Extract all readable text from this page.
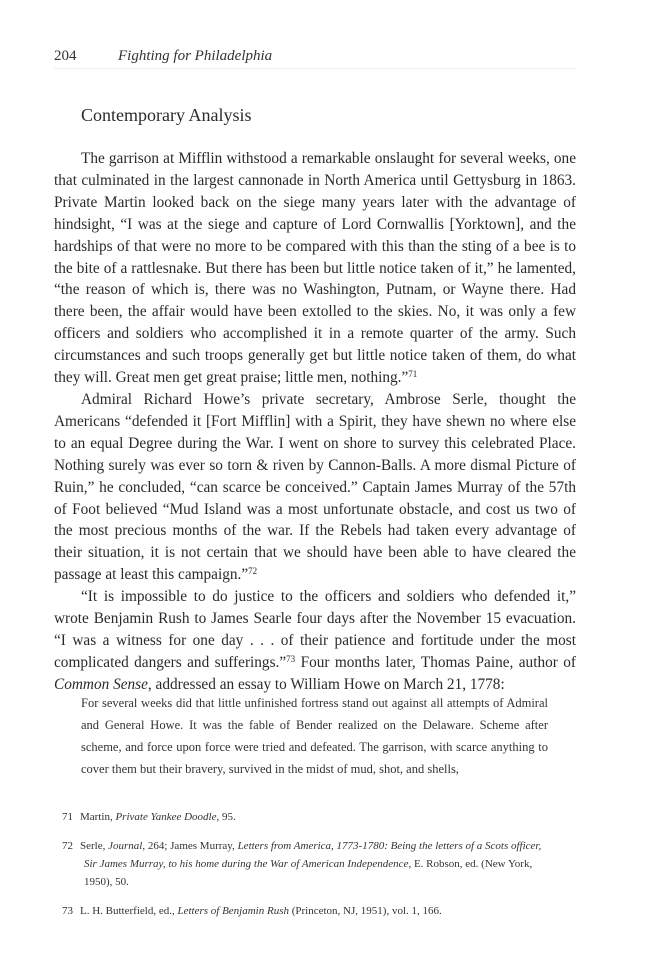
204	Fighting for Philadelphia
Contemporary Analysis

The garrison at Mifflin withstood a remarkable onslaught for several weeks, one that culminated in the largest cannonade in North America until Gettysburg in 1863. Private Martin looked back on the siege many years later with the advantage of hindsight, “I was at the siege and capture of Lord Cornwallis [Yorktown], and the hardships of that were no more to be compared with this than the sting of a bee is to the bite of a rattlesnake. But there has been but little notice taken of it,” he lamented, “the reason of which is, there was no Washington, Putnam, or Wayne there. Had there been, the affair would have been extolled to the skies. No, it was only a few officers and soldiers who accomplished it in a remote quarter of the army. Such circumstances and such troops generally get but little notice taken of them, do what they will. Great men get great praise; little men, nothing.”$^{71}$

Admiral Richard Howe’s private secretary, Ambrose Serle, thought the Americans “defended it [Fort Mifflin] with a Spirit, they have shewn no where else to an equal Degree during the War. I went on shore to survey this celebrated Place. Nothing surely was ever so torn & riven by Cannon-Balls. A more dismal Picture of Ruin,” he concluded, “can scarce be conceived.” Captain James Murray of the 57th of Foot believed “Mud Island was a most unfortunate obstacle, and cost us two of the most precious months of the war. If the Rebels had taken every advantage of their situation, it is not certain that we should have been able to have cleared the passage at least this campaign.”$^{72}$

“It is impossible to do justice to the officers and soldiers who defended it,” wrote Benjamin Rush to James Searle four days after the November 15 evacuation. “I was a witness for one day . . . of their patience and fortitude under the most complicated dangers and sufferings.”$^{73}$ Four months later, Thomas Paine, author of Common Sense, addressed an essay to William Howe on March 21, 1778:

For several weeks did that little unfinished fortress stand out against all attempts of Admiral and General Howe. It was the fable of Bender realized on the Delaware. Scheme after scheme, and force upon force were tried and defeated. The garrison, with scarce anything to cover them but their bravery, survived in the midst of mud, shot, and shells,

71 Martin, Private Yankee Doodle, 95.

72 Serle, Journal, 264; James Murray, Letters from America, 1773-1780: Being the letters of a Scots officer, Sir James Murray, to his home during the War of American Independence, E. Robson, ed. (New York, 1950), 50.

73 L. H. Butterfield, ed., Letters of Benjamin Rush (Princeton, NJ, 1951), vol. 1, 166.
